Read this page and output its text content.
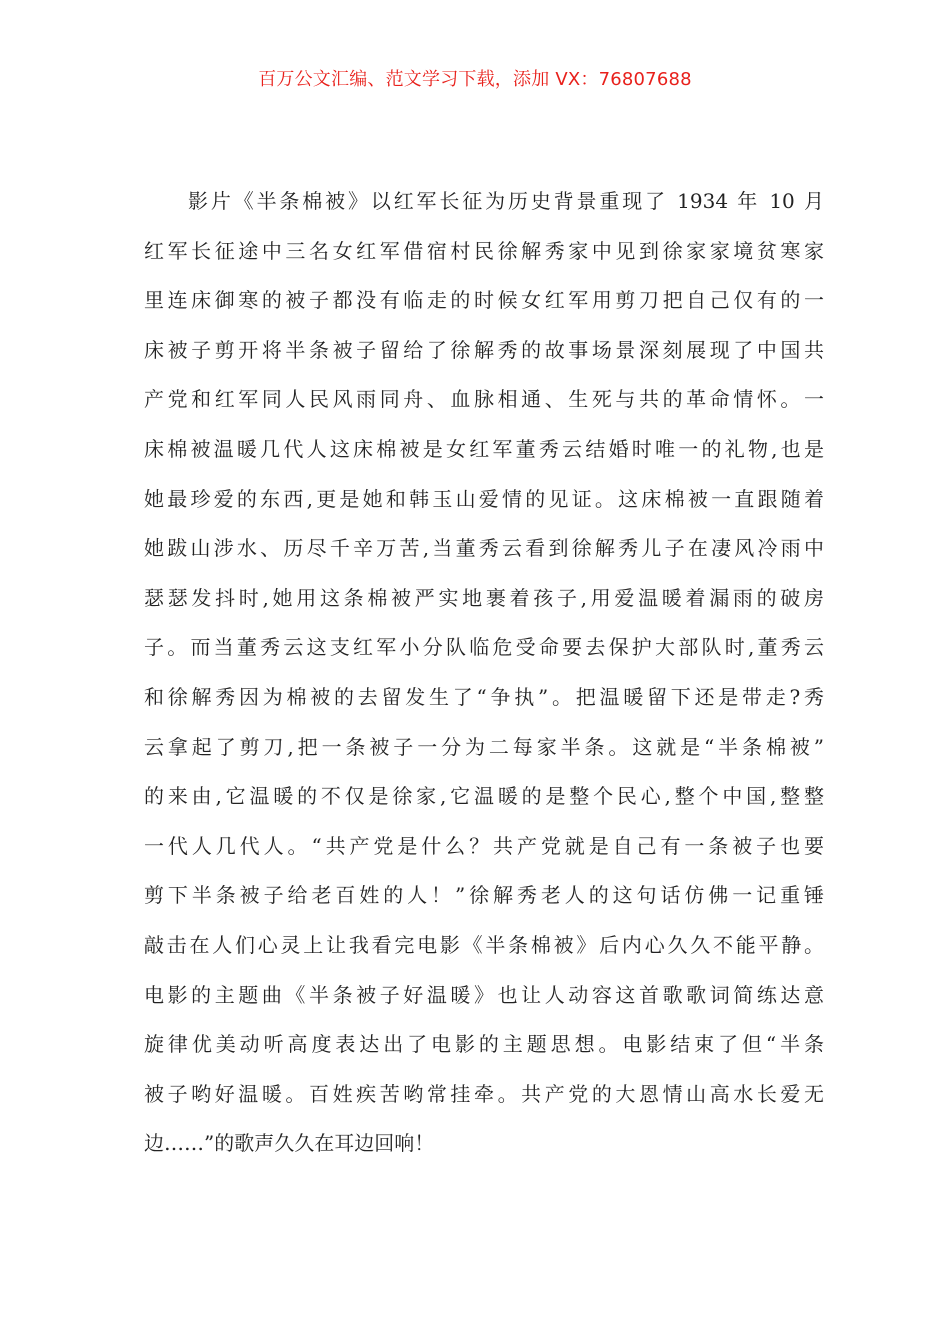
百万公文汇编、范文学习下载，添加 VX：76807688
影片《半条棉被》以红军长征为历史背景重现了 1934 年 10 月
红军长征途中三名女红军借宿村民徐解秀家中见到徐家家境贫寒家
里连床御寒的被子都没有临走的时候女红军用剪刀把自己仅有的一
床被子剪开将半条被子留给了徐解秀的故事场景深刻展现了中国共
产党和红军同人民风雨同舟、血脉相通、生死与共的革命情怀。一
床棉被温暖几代人这床棉被是女红军董秀云结婚时唯一的礼物,也是
她最珍爱的东西,更是她和韩玉山爱情的见证。这床棉被一直跟随着
她跋山涉水、历尽千辛万苦,当董秀云看到徐解秀儿子在凄风冷雨中
瑟瑟发抖时,她用这条棉被严实地裹着孩子,用爱温暖着漏雨的破房
子。而当董秀云这支红军小分队临危受命要去保护大部队时,董秀云
和徐解秀因为棉被的去留发生了“争执”。把温暖留下还是带走?秀
云拿起了剪刀,把一条被子一分为二每家半条。这就是“半条棉被”
的来由,它温暖的不仅是徐家,它温暖的是整个民心,整个中国,整整
一代人几代人。“共产党是什么？共产党就是自己有一条被子也要
剪下半条被子给老百姓的人！”徐解秀老人的这句话仿佛一记重锤
敲击在人们心灵上让我看完电影《半条棉被》后内心久久不能平静。
电影的主题曲《半条被子好温暖》也让人动容这首歌歌词简练达意
旋律优美动听高度表达出了电影的主题思想。电影结束了但“半条
被子哟好温暖。百姓疾苦哟常挂牵。共产党的大恩情山高水长爱无
边……”的歌声久久在耳边回响！
